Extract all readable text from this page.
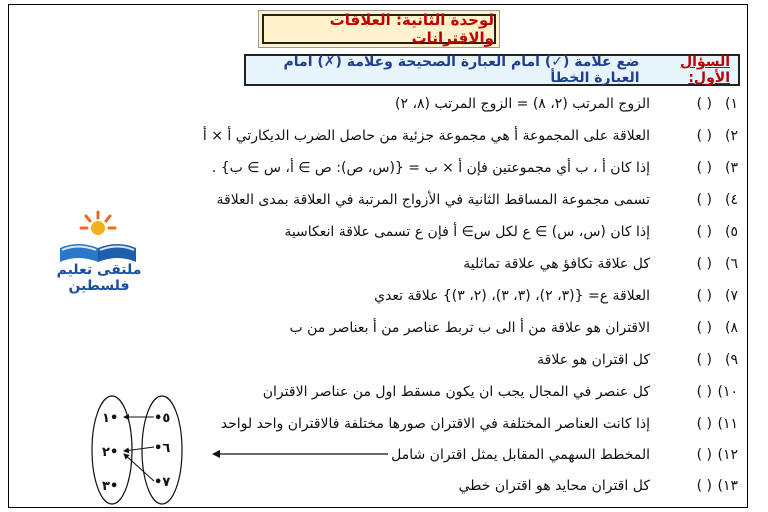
لوحدة الثانية: العلاقات والاقترانات
السؤال الأول:
ضع علامة (✓) امام العبارة الصحيحة وعلامة (✗) امام العبارة الخطأ
١)
( )
الزوج المرتب (٢، ٨) = الزوج المرتب (٨، ٢)
٢)
( )
العلاقة على المجموعة أ هي مجموعة جزئية من حاصل الضرب الديكارتي أ × أ
٣)
( )
إذا كان أ ، ب أي مجموعتين فإن أ × ب = {(س، ص): ص ∋ أ، س ∋ ب} .
٤)
( )
تسمى مجموعة المساقط الثانية في الأزواج المرتبة في العلاقة بمدى العلاقة
٥)
( )
إذا كان (س، س) ∋ ع لكل س∋ أ فإن ع تسمى علاقة انعكاسية
٦)
( )
كل علاقة تكافؤ هي علاقة تماثلية
٧)
( )
العلاقة ع= {(٣، ٢)، (٣، ٣)، (٢، ٣)} علاقة تعدي
٨)
( )
الاقتران هو علاقة من أ الى ب تربط عناصر من أ بعناصر من ب
٩)
( )
كل اقتران هو علاقة
١٠)
( )
كل عنصر في المجال يجب ان يكون مسقط اول من عناصر الاقتران
١١)
( )
إذا كانت العناصر المختلفة في الاقتران صورها مختلفة فالاقتران واحد لواحد
١٢)
( )
المخطط السهمي المقابل يمثل اقتران شامل
١٣)
( )
كل اقتران محايد هو اقتران خطي
ملتقى تعليم فلسطين
١•
٢•
٣•
•٥
•٦
•٧
